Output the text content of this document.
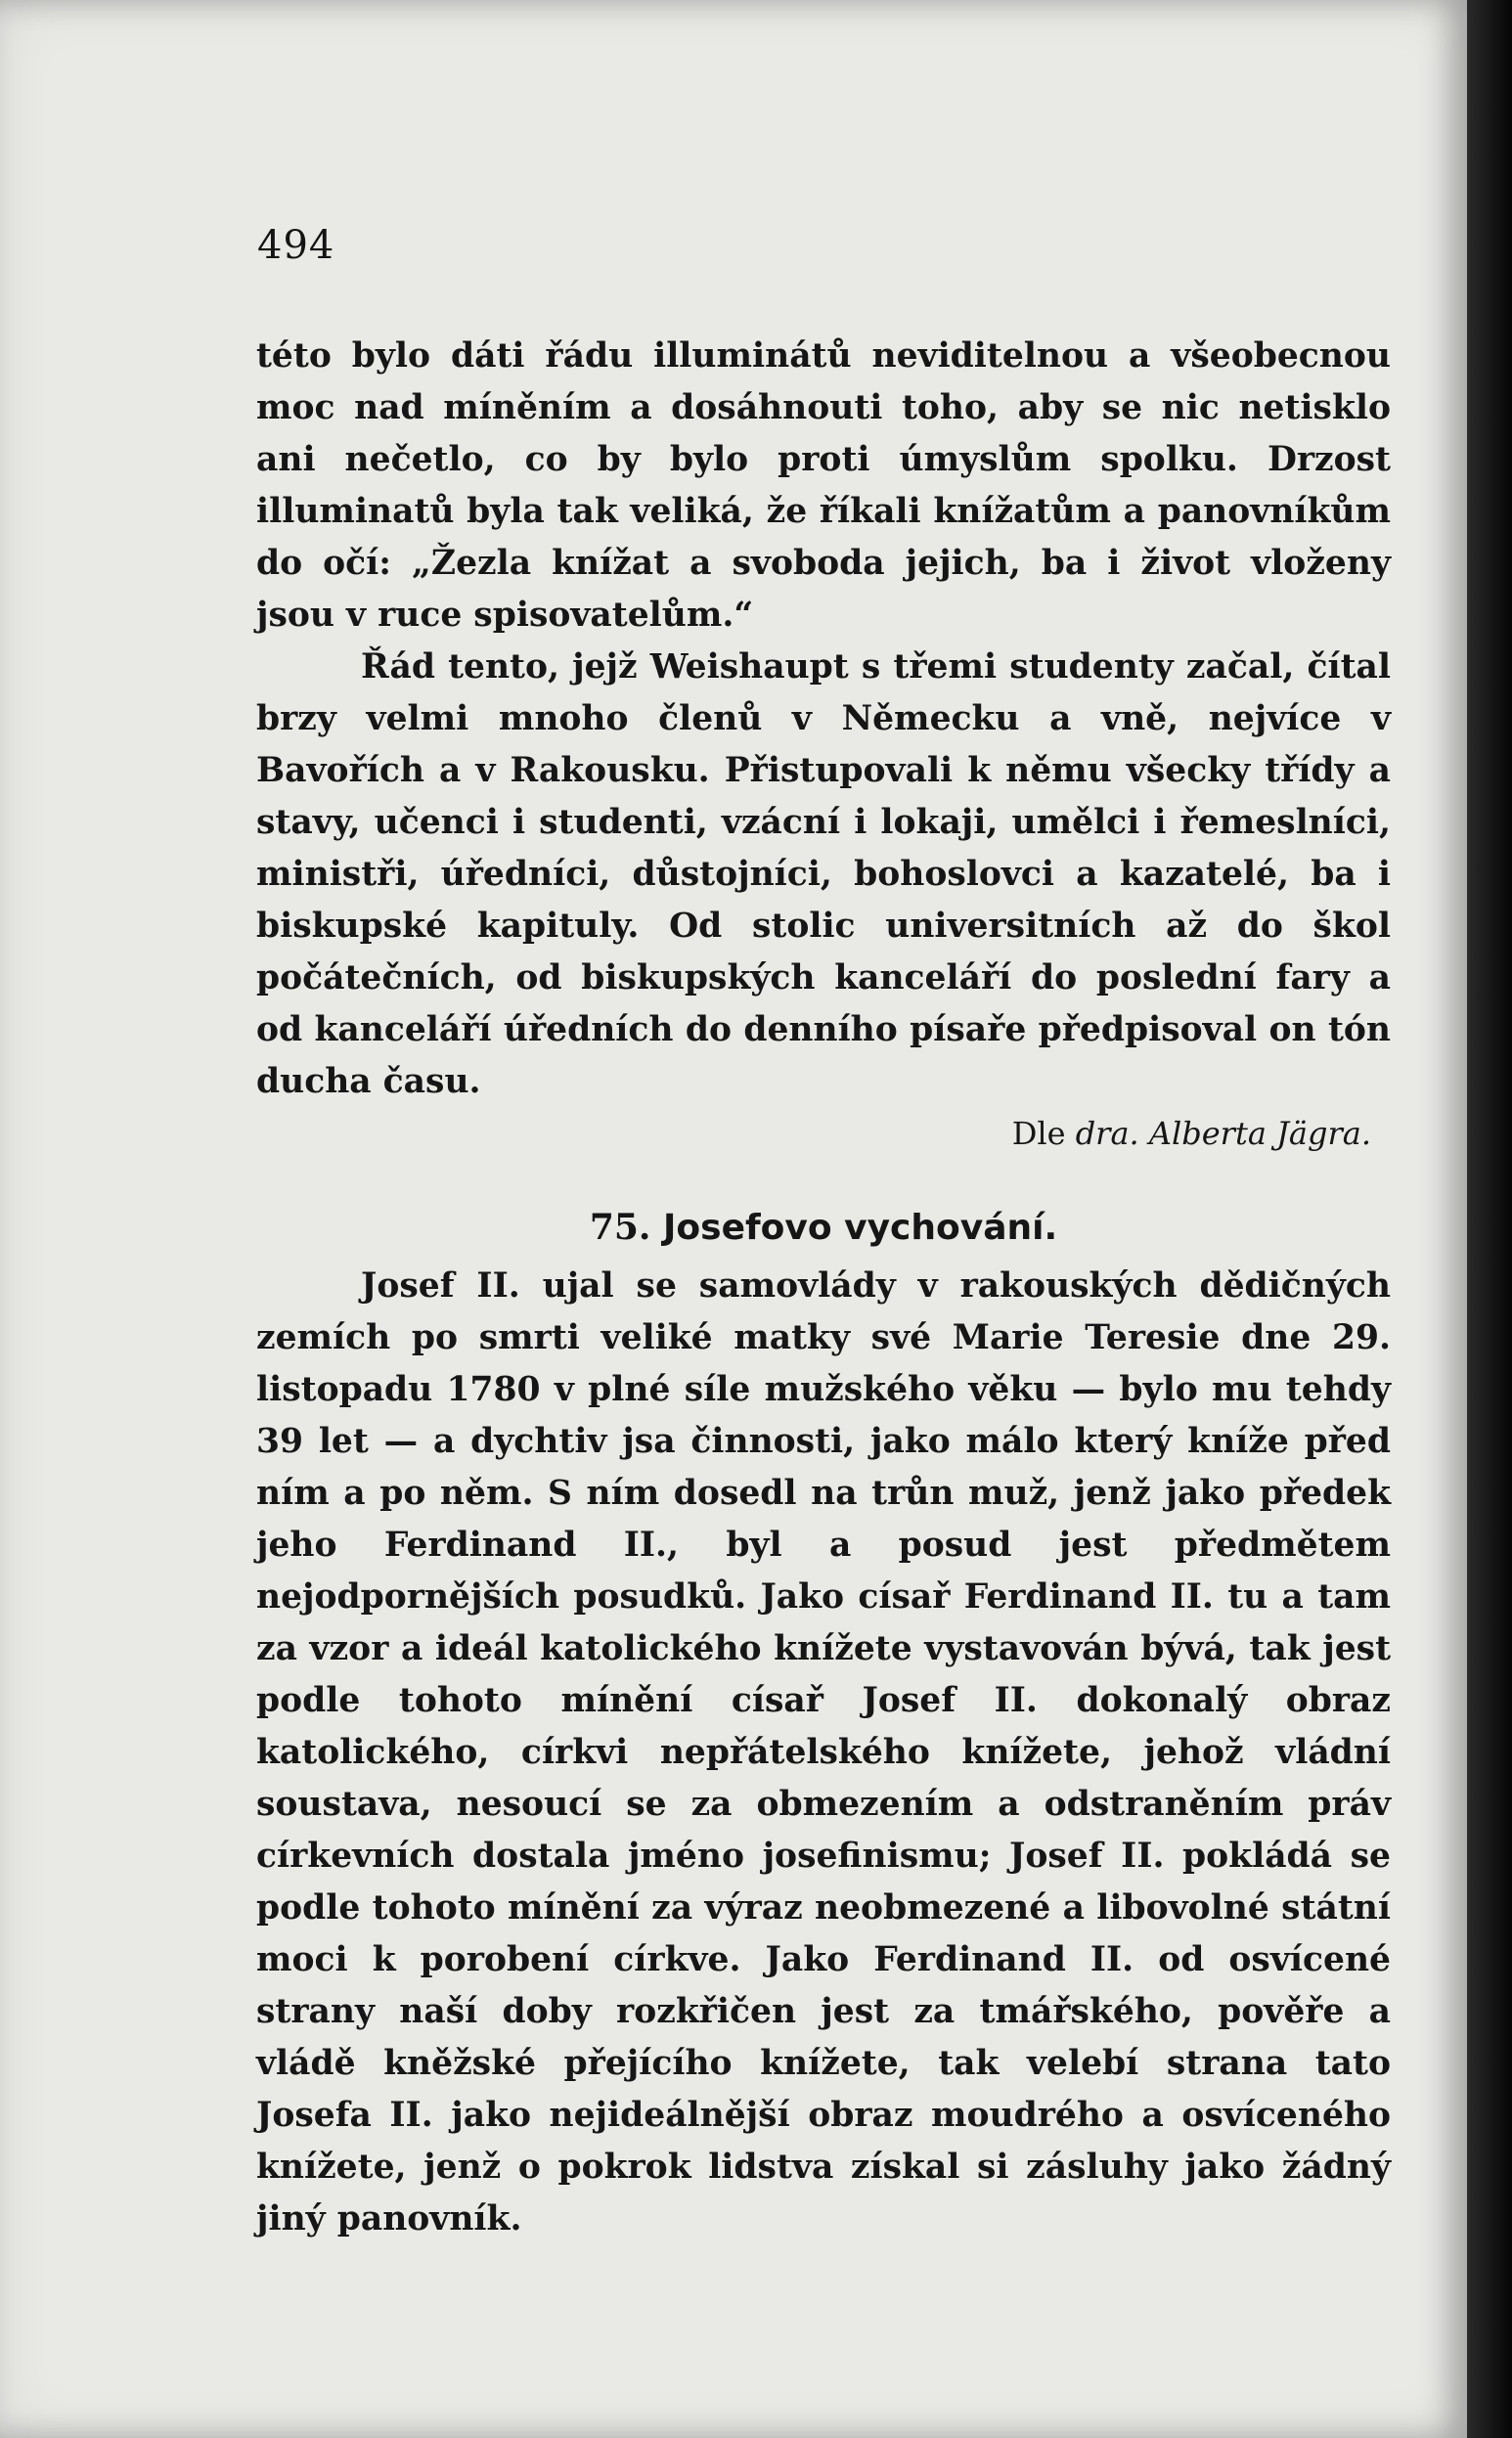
494

této bylo dáti řádu illuminátů neviditelnou a všeobecnou moc nad míněním a dosáhnouti toho, aby se nic netisklo ani nečetlo, co by bylo proti úmyslům spolku. Drzost illuminatů byla tak veliká, že říkali knížatům a panovníkům do očí: „Žezla knížat a svoboda jejich, ba i život vloženy jsou v ruce spisovatelům.“

Řád tento, jejž Weishaupt s třemi studenty začal, čítal brzy velmi mnoho členů v Německu a vně, nejvíce v Bavořích a v Rakousku. Přistupovali k němu všecky třídy a stavy, učenci i studenti, vzácní i lokaji, umělci i řemeslníci, ministři, úředníci, důstojníci, bohoslovci a kazatelé, ba i biskupské kapituly. Od stolic universitních až do škol počátečních, od biskupských kanceláří do poslední fary a od kanceláří úředních do denního písaře předpisoval on tón ducha času.

Dle dra. Alberta Jägra.

75. Josefovo vychování.

Josef II. ujal se samovlády v rakouských dědičných zemích po smrti veliké matky své Marie Teresie dne 29. listopadu 1780 v plné síle mužského věku — bylo mu tehdy 39 let — a dychtiv jsa činnosti, jako málo který kníže před ním a po něm. S ním dosedl na trůn muž, jenž jako předek jeho Ferdinand II., byl a posud jest předmětem nejodpornějších posudků. Jako císař Ferdinand II. tu a tam za vzor a ideál katolického knížete vystavován bývá, tak jest podle tohoto mínění císař Josef II. dokonalý obraz katolického, církvi nepřátelského knížete, jehož vládní soustava, nesoucí se za obmezením a odstraněním práv církevních dostala jméno josefinismu; Josef II. pokládá se podle tohoto mínění za výraz neobmezené a libovolné státní moci k porobení církve. Jako Ferdinand II. od osvícené strany naší doby rozkřičen jest za tmářského, pověře a vládě kněžské přejícího knížete, tak velebí strana tato Josefa II. jako nejideálnější obraz moudrého a osvíceného knížete, jenž o pokrok lidstva získal si zásluhy jako žádný jiný panovník.
